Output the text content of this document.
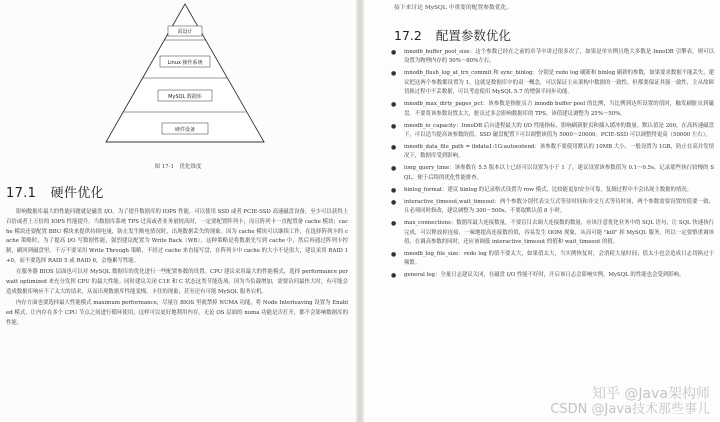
需设计
Linux 操作系统
MySQL 数据库
硬件设备
图 17-1　优化维度
17.1 硬件优化

影响数据库最大的性能问题就是磁盘 I/O。为了提升数据库的 IOPS 性能，可以使用 SSD 或者 PCIE-SSD 高速磁盘设备，至少可以获得上百倍或者上万倍的 IOPS 性能提升。当数据库系统 TPS 过高或者业务量较高时，一定要配置阵列卡，而且阵列卡一直配置备 cache 模块；cache 模块还要配置 BBU 模块来提供持续电量，防止发生断电情况时，出现数据丢失的现象。因为 cache 模块可以继续工作，在选择阵列卡的 cache 策略时，为了提高 I/O 写数据性能，强烈建议配置为 Write Back（WB），这种策略是将数据先写到 cache 中，然后再通过阵列卡控制，刷回到磁盘里。千万不要采用 Write Through 策略，不经过 cache 来直接写盘，在阵列卡中 cache 的大小不是很大，建议采用 RAID 1+0，而不要选择 RAID 5 或 RAID 6，会拖累写性能。

在服务器 BIOS 层面也可以对 MySQL 数据库的优化进行一些配置参数的设置。CPU 建议采用最大的性能模式，选择 performance per watt optimized 来充分发挥 CPU 的最大性能。同时建议关闭 C1E 和 C 状态这类节能选项，因为当负载增加，需要访问最快大时，有可能会造成数据库响应不了太大的请求，从而出现数据库性能变慢，卡住的现象，甚至还有可能 MySQL 服务宕机。

内存方面也要选择最大性能模式 maximum performance，尽量在 BIOS 里就禁掉 NUMA 功能，将 Node Interleaving 设置为 Enabled 模式，让内存在多个 CPU 节点之间进行循环使用，这样可以更好地利用内存，无论 OS 层面的 numa 功能是否打开，都不会影响数据库的性能。

接下来讨论 MySQL 中重要的配置参数优化。
17.2 配置参数优化
● innodb_buffer_pool_size：这个参数已经在之前的章节中讲过很多次了，如果是单实例且绝大多数是 InnoDB 引擎表，则可以设置为物理内存的 50%～80%左右。
● innodb_flush_log_at_trx_commit 和 sync_binlog：分别是 redo log 刷新和 binlog 刷新的参数，如果要求数据不能丢失，建议把这两个参数都设置为 1。这就是数据库中的双一概念，可以保证主从架构中数据的一致性，但都要保证其强一致性，主从故障切换过程中不丢数据，可以考虑使用 MySQL 5.7 的增强半同步功能。
● innodb_max_dirty_pages_pct：该参数是指脏页占 innodb buffer pool 的比例，当比例到达所设置的值时，触发刷脏页到磁盘。不要将该参数设置太大，脏页过多会影响数据库的 TPS。该值建议调整为 25%～50%。
● innodb_io_capacity：InnoDB 后台进程最大的 I/O 性能指标，影响刷新脏页和插入缓冲的数量。默认值是 200，在高转速磁盘下，可以适当提高该参数的值，SSD 磁盘配置下可以调整该值为 5000～20000。PCIE-SSD 可以调整得更高（50000 左右）。
● innodb_data_file_path = ibdata1:1G:autoextend：该参数不要使用默认的 10MB 大小，一般设置为 1GB，防止在高并发情况下，数据库受到影响。
● long_query_time：该参数在 5.5 版本以上已经可以设置为小于 1 了，建议设置该参数值为 0.1～0.5s，记录那些执行较慢的 SQL，便于后续的优化性能排查。
● binlog_format：建议 binlog 的记录格式设置为 row 模式，比较能更加安全可靠，复制过程中不会出现主数据的情况。
● interactive_timeout,wait_timeout：两个参数分别代表交互式等待时间和非交互式等待时间，两个参数需要设置的值要一致，且必须同时修改，建议调整为 300～500s，不要取默认值 8 小时。
● max_connections：数据库最大连接数量，不要盲目去调大连接数的数量，应该注意优化业务中的 SQL 语句，让 SQL 快速执行完成，可以释放掉连接，一味地提高连接数的值，容易发生 OOM 现象，从而可能 "kill" 掉 MySQL 服务，所以一定要慎重调该值，在调高参数的同时，还应该调低 interactive_timeout 的值和 wait_timeout 的值。
● innodb_log_file_size：redo log 的值不要太大，如果值太大，当实例恢复时，会消耗大量时间；值太小也会造成日志切换过于频繁。
● general log：全量日志建议关闭，在磁盘 I/O 性能不好时，开启该日志会影响实例，MySQL 的性能也会受到影响。
知乎 @Java架构师
CSDN @Java技术那些事儿
